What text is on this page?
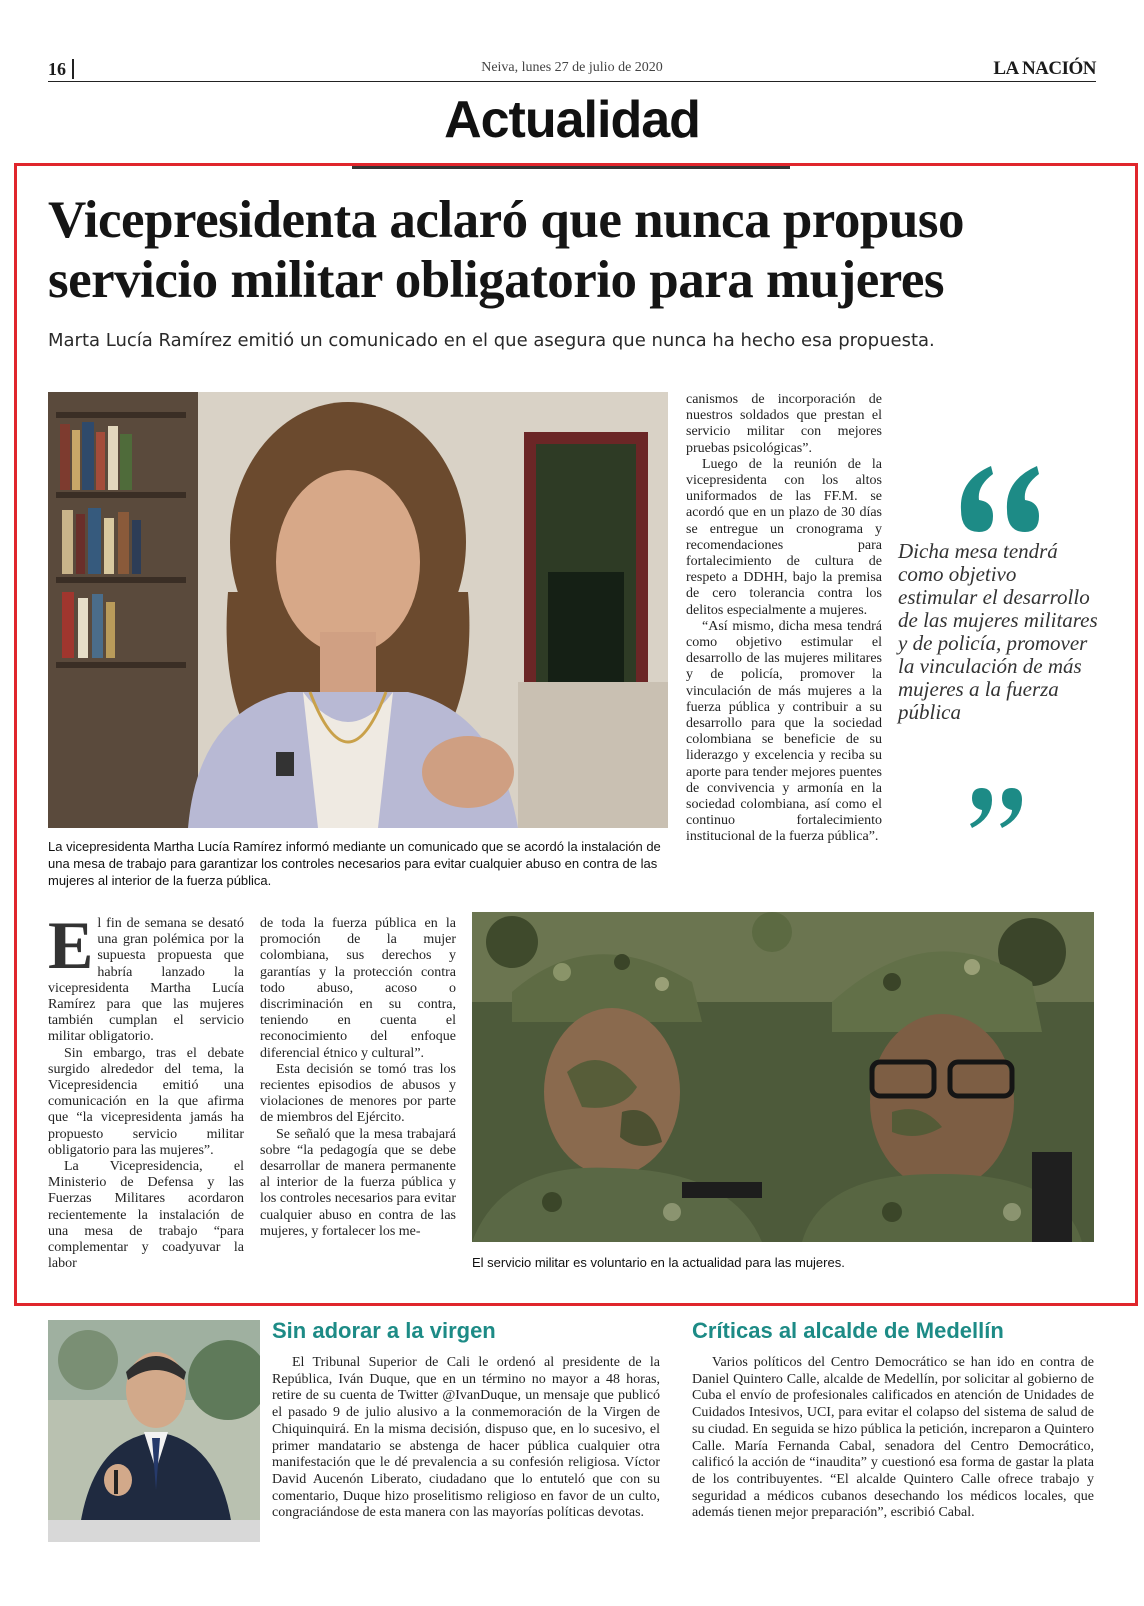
16	Neiva, lunes 27 de julio de 2020	LA NACIÓN
Actualidad
Vicepresidenta aclaró que nunca propuso servicio militar obligatorio para mujeres
Marta Lucía Ramírez emitió un comunicado en el que asegura que nunca ha hecho esa propuesta.
La vicepresidenta Martha Lucía Ramírez informó mediante un comunicado que se acordó la instalación de una mesa de trabajo para garantizar los controles necesarios para evitar cualquier abuso en contra de las mujeres al interior de la fuerza pública.

canismos de incorporación de nuestros soldados que prestan el servicio militar con mejores pruebas psicológicas”.

Luego de la reunión de la vicepresidenta con los altos uniformados de las FF.M. se acordó que en un plazo de 30 días se entregue un cronograma y recomendaciones para fortalecimiento de cultura de respeto a DDHH, bajo la premisa de cero tolerancia contra los delitos especialmente a mujeres.

“Así mismo, dicha mesa tendrá como objetivo estimular el desarrollo de las mujeres militares y de policía, promover la vinculación de más mujeres a la fuerza pública y contribuir a su desarrollo para que la sociedad colombiana se beneficie de su liderazgo y excelencia y reciba su aporte para tender mejores puentes de convivencia y armonía en la sociedad colombiana, así como el continuo fortalecimiento institucional de la fuerza pública”.

Dicha mesa tendrá como objetivo estimular el desarrollo de las mujeres militares y de policía, promover la vinculación de más mujeres a la fuerza pública
E l fin de semana se desató una gran polémica por la supuesta propuesta que habría lanzado la vicepresidenta Martha Lucía Ramírez para que las mujeres también cumplan el servicio militar obligatorio.

Sin embargo, tras el debate surgido alrededor del tema, la Vicepresidencia emitió una comunicación en la que afirma que “la vicepresidenta jamás ha propuesto servicio militar obligatorio para las mujeres”.

La Vicepresidencia, el Ministerio de Defensa y las Fuerzas Militares acordaron recientemente la instalación de una mesa de trabajo “para complementar y coadyuvar la labor

de toda la fuerza pública en la promoción de la mujer colombiana, sus derechos y garantías y la protección contra todo abuso, acoso o discriminación en su contra, teniendo en cuenta el reconocimiento del enfoque diferencial étnico y cultural”.

Esta decisión se tomó tras los recientes episodios de abusos y violaciones de menores por parte de miembros del Ejército.

Se señaló que la mesa trabajará sobre “la pedagogía que se debe desarrollar de manera permanente al interior de la fuerza pública y los controles necesarios para evitar cualquier abuso en contra de las mujeres, y fortalecer los me-

El servicio militar es voluntario en la actualidad para las mujeres.
Sin adorar a la virgen
El Tribunal Superior de Cali le ordenó al presidente de la República, Iván Duque, que en un término no mayor a 48 horas, retire de su cuenta de Twitter @IvanDuque, un mensaje que publicó el pasado 9 de julio alusivo a la conmemoración de la Virgen de Chiquinquirá. En la misma decisión, dispuso que, en lo sucesivo, el primer mandatario se abstenga de hacer pública cualquier otra manifestación que le dé prevalencia a su confesión religiosa. Víctor David Aucenón Liberato, ciudadano que lo entuteló que con su comentario, Duque hizo proselitismo religioso en favor de un culto, congraciándose de esta manera con las mayorías políticas devotas.
Críticas al alcalde de Medellín
Varios políticos del Centro Democrático se han ido en contra de Daniel Quintero Calle, alcalde de Medellín, por solicitar al gobierno de Cuba el envío de profesionales calificados en atención de Unidades de Cuidados Intesivos, UCI, para evitar el colapso del sistema de salud de su ciudad. En seguida se hizo pública la petición, increparon a Quintero Calle. María Fernanda Cabal, senadora del Centro Democrático, calificó la acción de “inaudita” y cuestionó esa forma de gastar la plata de los contribuyentes. “El alcalde Quintero Calle ofrece trabajo y seguridad a médicos cubanos desechando los médicos locales, que además tienen mejor preparación”, escribió Cabal.
